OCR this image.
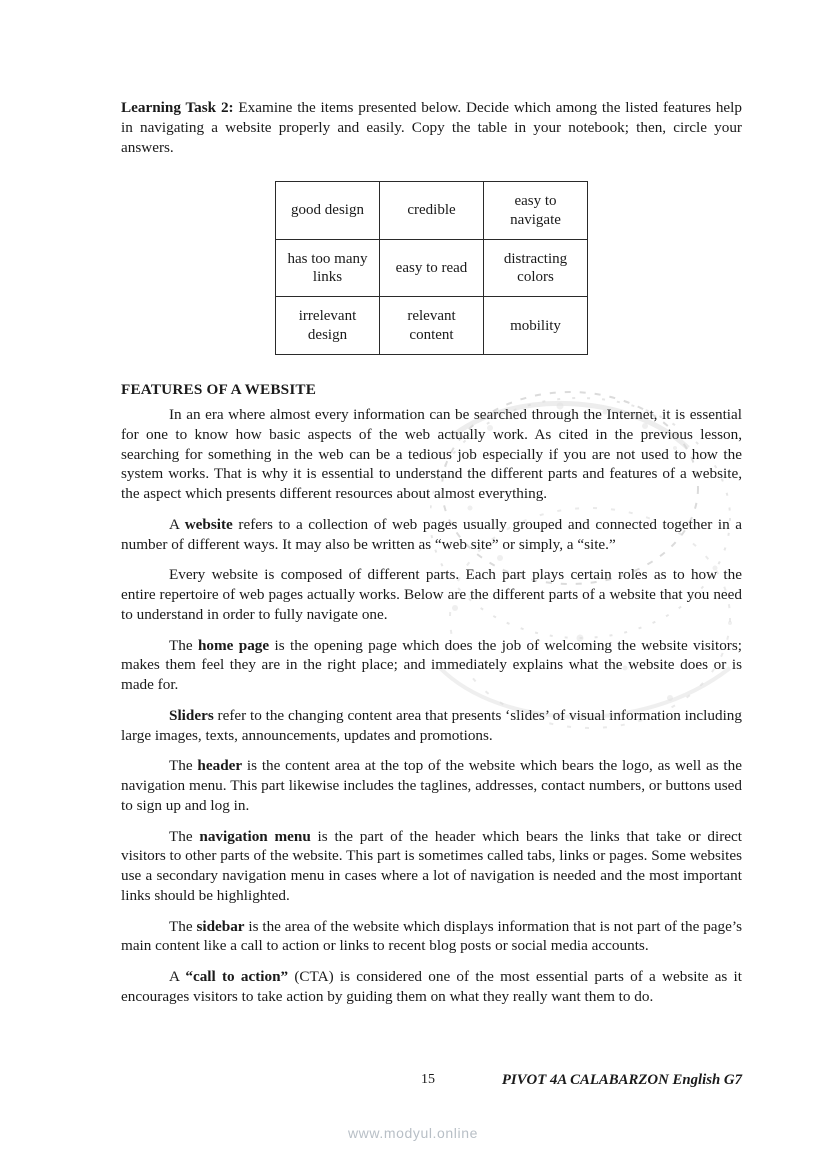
Learning Task 2: Examine the items presented below. Decide which among the listed features help in navigating a website properly and easily. Copy the table in your notebook; then, circle your answers.

good design	credible	easy to navigate
has too many links	easy to read	distracting colors
irrelevant design	relevant content	mobility
FEATURES OF A WEBSITE

In an era where almost every information can be searched through the Internet, it is essential for one to know how basic aspects of the web actually work. As cited in the previous lesson, searching for something in the web can be a tedious job especially if you are not used to how the system works. That is why it is essential to understand the different parts and features of a website, the aspect which presents different resources about almost everything.

A website refers to a collection of web pages usually grouped and connected together in a number of different ways. It may also be written as “web site” or simply, a “site.”

Every website is composed of different parts. Each part plays certain roles as to how the entire repertoire of web pages actually works. Below are the different parts of a website that you need to understand in order to fully navigate one.

The home page is the opening page which does the job of welcoming the website visitors; makes them feel they are in the right place; and immediately explains what the website does or is made for.

Sliders refer to the changing content area that presents ‘slides’ of visual information including large images, texts, announcements, updates and promotions.

The header is the content area at the top of the website which bears the logo, as well as the navigation menu. This part likewise includes the taglines, addresses, contact numbers, or buttons used to sign up and log in.

The navigation menu is the part of the header which bears the links that take or direct visitors to other parts of the website. This part is sometimes called tabs, links or pages. Some websites use a secondary navigation menu in cases where a lot of navigation is needed and the most important links should be highlighted.

The sidebar is the area of the website which displays information that is not part of the page’s main content like a call to action or links to recent blog posts or social media accounts.

A “call to action” (CTA) is considered one of the most essential parts of a website as it encourages visitors to take action by guiding them on what they really want them to do.

15	PIVOT 4A CALABARZON English G7
www.modyul.online
